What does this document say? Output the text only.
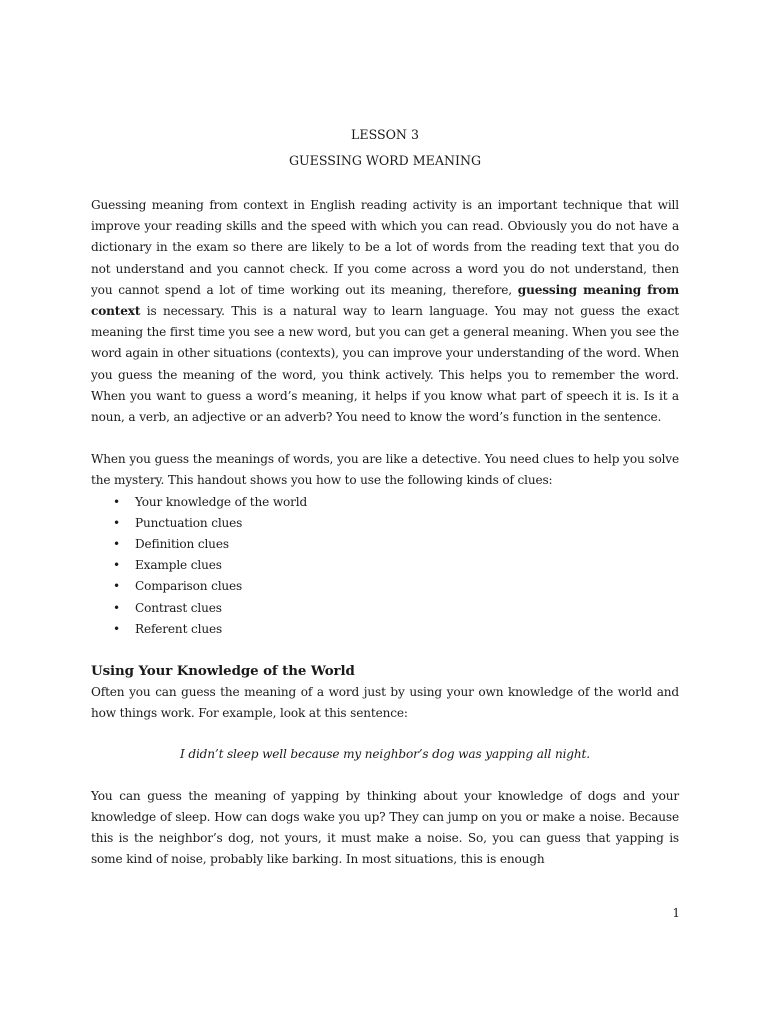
LESSON 3
GUESSING WORD MEANING

Guessing meaning from context in English reading activity is an important technique that will improve your reading skills and the speed with which you can read. Obviously you do not have a dictionary in the exam so there are likely to be a lot of words from the reading text that you do not understand and you cannot check. If you come across a word you do not understand, then you cannot spend a lot of time working out its meaning, therefore, guessing meaning from context is necessary. This is a natural way to learn language. You may not guess the exact meaning the first time you see a new word, but you can get a general meaning. When you see the word again in other situations (contexts), you can improve your understanding of the word. When you guess the meaning of the word, you think actively. This helps you to remember the word. When you want to guess a word’s meaning, it helps if you know what part of speech it is. Is it a noun, a verb, an adjective or an adverb? You need to know the word’s function in the sentence.

When you guess the meanings of words, you are like a detective. You need clues to help you solve the mystery. This handout shows you how to use the following kinds of clues:

• Your knowledge of the world
• Punctuation clues
• Definition clues
• Example clues
• Comparison clues
• Contrast clues
• Referent clues
Using Your Knowledge of the World

Often you can guess the meaning of a word just by using your own knowledge of the world and how things work. For example, look at this sentence:

I didn’t sleep well because my neighbor’s dog was yapping all night.

You can guess the meaning of yapping by thinking about your knowledge of dogs and your knowledge of sleep. How can dogs wake you up? They can jump on you or make a noise. Because this is the neighbor’s dog, not yours, it must make a noise. So, you can guess that yapping is some kind of noise, probably like barking. In most situations, this is enough

1
